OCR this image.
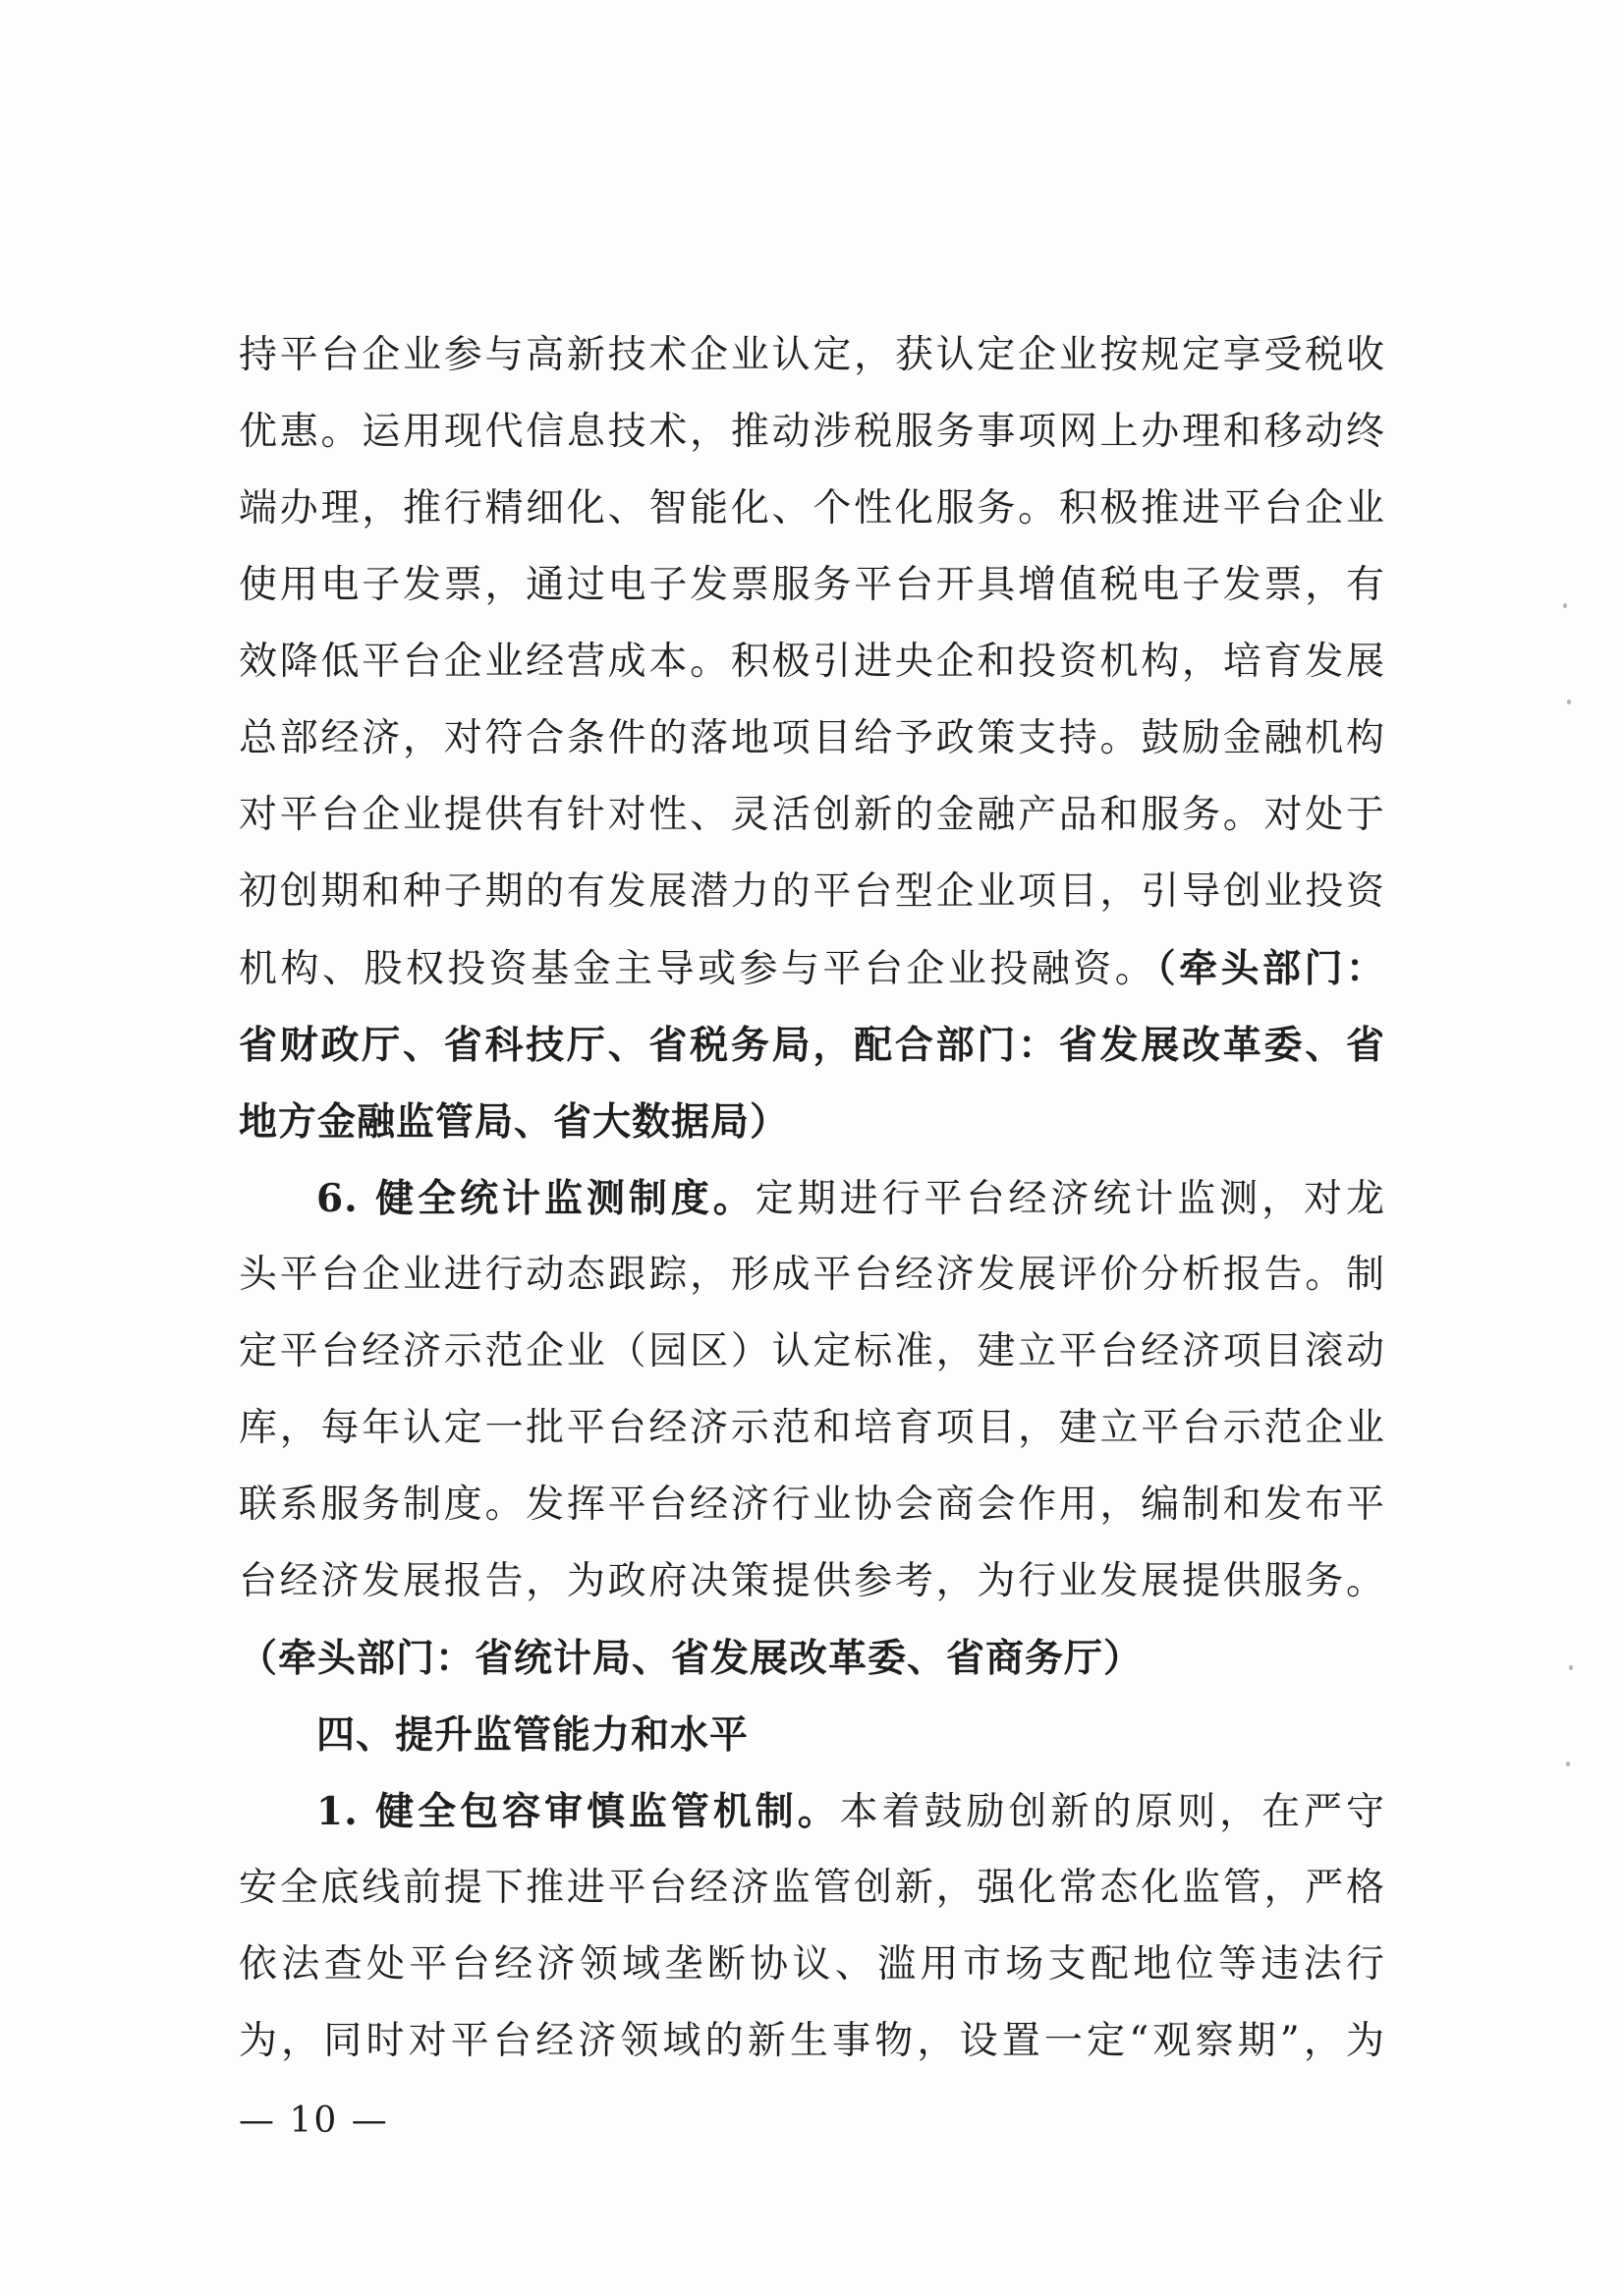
持平台企业参与高新技术企业认定，获认定企业按规定享受税收
优惠。运用现代信息技术，推动涉税服务事项网上办理和移动终
端办理，推行精细化、智能化、个性化服务。积极推进平台企业
使用电子发票，通过电子发票服务平台开具增值税电子发票，有
效降低平台企业经营成本。积极引进央企和投资机构，培育发展
总部经济，对符合条件的落地项目给予政策支持。鼓励金融机构
对平台企业提供有针对性、灵活创新的金融产品和服务。对处于
初创期和种子期的有发展潜力的平台型企业项目，引导创业投资
机构、股权投资基金主导或参与平台企业投融资。（牵头部门：
省财政厅、省科技厅、省税务局，配合部门：省发展改革委、省
地方金融监管局、省大数据局）
6. 健全统计监测制度。定期进行平台经济统计监测，对龙
头平台企业进行动态跟踪，形成平台经济发展评价分析报告。制
定平台经济示范企业（园区）认定标准，建立平台经济项目滚动
库，每年认定一批平台经济示范和培育项目，建立平台示范企业
联系服务制度。发挥平台经济行业协会商会作用，编制和发布平
台经济发展报告，为政府决策提供参考，为行业发展提供服务。
（牵头部门：省统计局、省发展改革委、省商务厅）
四、提升监管能力和水平
1. 健全包容审慎监管机制。本着鼓励创新的原则，在严守
安全底线前提下推进平台经济监管创新，强化常态化监管，严格
依法查处平台经济领域垄断协议、滥用市场支配地位等违法行
— 10 —
为，同时对平台经济领域的新生事物，设置一定“观察期”，为
